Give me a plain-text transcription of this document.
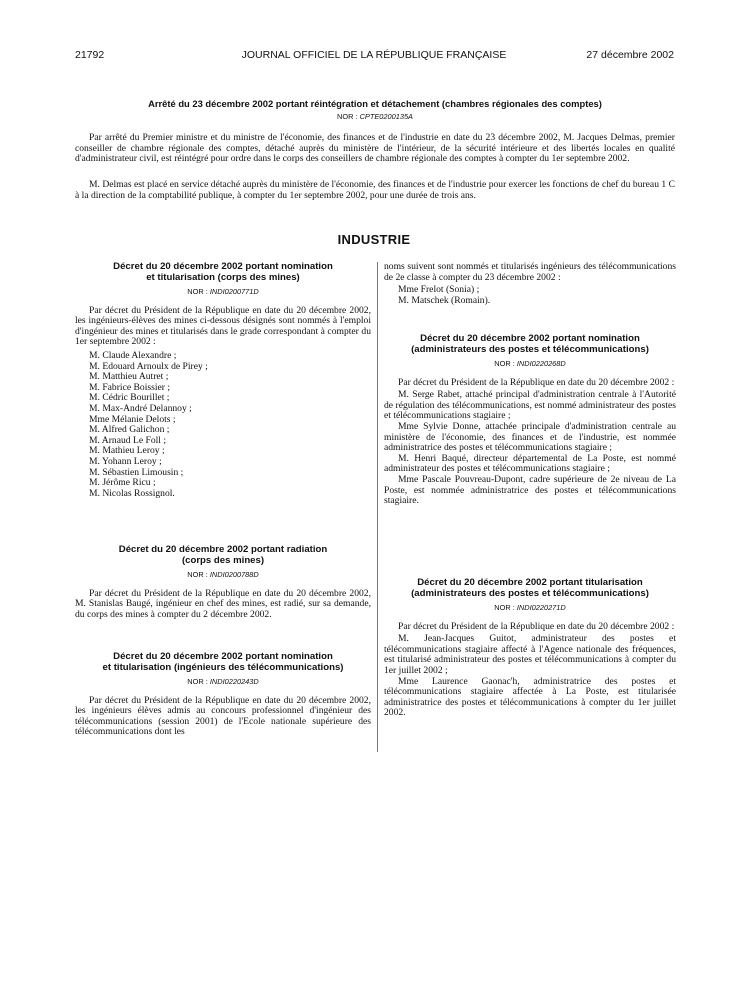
JOURNAL OFFICIEL DE LA RÉPUBLIQUE FRANÇAISE
21792	27 décembre 2002
Arrêté du 23 décembre 2002 portant réintégration et détachement (chambres régionales des comptes)
NOR : CPTE0200135A

Par arrêté du Premier ministre et du ministre de l'économie, des finances et de l'industrie en date du 23 décembre 2002, M. Jacques Delmas, premier conseiller de chambre régionale des comptes, détaché auprès du ministère de l'intérieur, de la sécurité intérieure et des libertés locales en qualité d'administrateur civil, est réintégré pour ordre dans le corps des conseillers de chambre régionale des comptes à compter du 1er septembre 2002.

M. Delmas est placé en service détaché auprès du ministère de l'économie, des finances et de l'industrie pour exercer les fonctions de chef du bureau 1 C à la direction de la comptabilité publique, à compter du 1er septembre 2002, pour une durée de trois ans.

INDUSTRIE
Décret du 20 décembre 2002 portant nomination
et titularisation (corps des mines)
NOR : INDI0200771D

Par décret du Président de la République en date du 20 décembre 2002, les ingénieurs-élèves des mines ci-dessous désignés sont nommés à l'emploi d'ingénieur des mines et titularisés dans le grade correspondant à compter du 1er septembre 2002 :

M. Claude Alexandre ;
M. Edouard Arnoulx de Pirey ;
M. Matthieu Autret ;
M. Fabrice Boissier ;
M. Cédric Bourillet ;
M. Max-André Delannoy ;
Mme Mélanie Delots ;
M. Alfred Galichon ;
M. Arnaud Le Foll ;
M. Mathieu Leroy ;
M. Yohann Leroy ;
M. Sébastien Limousin ;
M. Jérôme Ricu ;
M. Nicolas Rossignol.
Décret du 20 décembre 2002 portant radiation
(corps des mines)
NOR : INDI0200788D

Par décret du Président de la République en date du 20 décembre 2002, M. Stanislas Baugé, ingénieur en chef des mines, est radié, sur sa demande, du corps des mines à compter du 2 décembre 2002.

Décret du 20 décembre 2002 portant nomination
et titularisation (ingénieurs des télécommunications)
NOR : INDI0220243D

Par décret du Président de la République en date du 20 décembre 2002, les ingénieurs élèves admis au concours professionnel d'ingénieur des télécommunications (session 2001) de l'Ecole nationale supérieure des télécommunications dont les

noms suivent sont nommés et titularisés ingénieurs des télécommunications de 2e classe à compter du 23 décembre 2002 :
Mme Frelot (Sonia) ;
M. Matschek (Romain).
Décret du 20 décembre 2002 portant nomination
(administrateurs des postes et télécommunications)
NOR : INDI0220268D

Par décret du Président de la République en date du 20 décembre 2002 :

M. Serge Rabet, attaché principal d'administration centrale à l'Autorité de régulation des télécommunications, est nommé administrateur des postes et télécommunications stagiaire ;

Mme Sylvie Donne, attachée principale d'administration centrale au ministère de l'économie, des finances et de l'industrie, est nommée administratrice des postes et télécommunications stagiaire ;

M. Henri Baqué, directeur départemental de La Poste, est nommé administrateur des postes et télécommunications stagiaire ;

Mme Pascale Pouvreau-Dupont, cadre supérieure de 2e niveau de La Poste, est nommée administratrice des postes et télécommunications stagiaire.

Décret du 20 décembre 2002 portant titularisation
(administrateurs des postes et télécommunications)
NOR : INDI0220271D

Par décret du Président de la République en date du 20 décembre 2002 :

M. Jean-Jacques Guitot, administrateur des postes et télécommunications stagiaire affecté à l'Agence nationale des fréquences, est titularisé administrateur des postes et télécommunications à compter du 1er juillet 2002 ;

Mme Laurence Gaonac'h, administratrice des postes et télécommunications stagiaire affectée à La Poste, est titularisée administratrice des postes et télécommunications à compter du 1er juillet 2002.
